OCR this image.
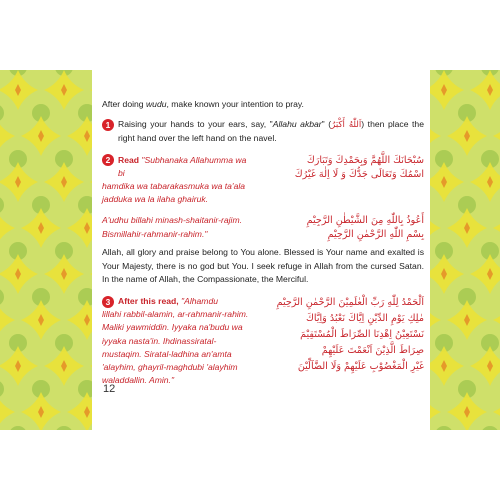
After doing wudu, make known your intention to pray.

1 Raising your hands to your ears, say, "Allahu akbar" (اَللّٰهُ أَكْبَرُ) then place the right hand over the left hand on the navel.

2 Read "Subhanaka Allahumma wa bi
hamdika wa tabarakasmuka wa ta'ala
jadduka wa la ilaha ghairuk.
سُبْحَانَكَ اللَّهُمَّ وَبِحَمْدِكَ وَتَبَارَكَ
اسْمُكَ وَتَعَالَى جَدُّكَ وَ لَا اِلٰهَ غَيْرُكَ
A'udhu billahi minash-shaitanir-rajim.
Bismillahir-rahmanir-rahim."
أَعُوذُ بِاللّٰهِ مِنَ الشَّيْطٰنِ الرَّجِيْمِ
بِسْمِ اللّٰهِ الرَّحْمٰنِ الرَّحِيْمِ

Allah, all glory and praise belong to You alone. Blessed is Your name and exalted is Your Majesty, there is no god but You. I seek refuge in Allah from the cursed Satan. In the name of Allah, the Compassionate, the Merciful.

3 After this read, "Alhamdu
lillahi rabbil-alamin, ar-rahmanir-rahim.
Maliki yawmiddin. Iyyaka na'budu wa
iyyaka nasta'in. Ihdinassiratal-
mustaqim. Siratal-ladhina an'amta
'alayhim, ghayril-maghdubi 'alayhim
waladdallin. Amin."
اَلْحَمْدُ لِلّٰهِ رَبِّ الْعٰلَمِيْنَ الرَّحْمٰنِ الرَّحِيْمِ
مٰلِكِ يَوْمِ الدِّيْنِ اِيَّاكَ نَعْبُدُ وَاِيَّاكَ
نَسْتَعِيْنُ اِهْدِنَا الصِّرَاطَ الْمُسْتَقِيْمَ
صِرَاطَ الَّذِيْنَ اَنْعَمْتَ عَلَيْهِمْ
غَيْرِ الْمَغْضُوْبِ عَلَيْهِمْ وَلَا الضَّآلِّيْنَ
12
